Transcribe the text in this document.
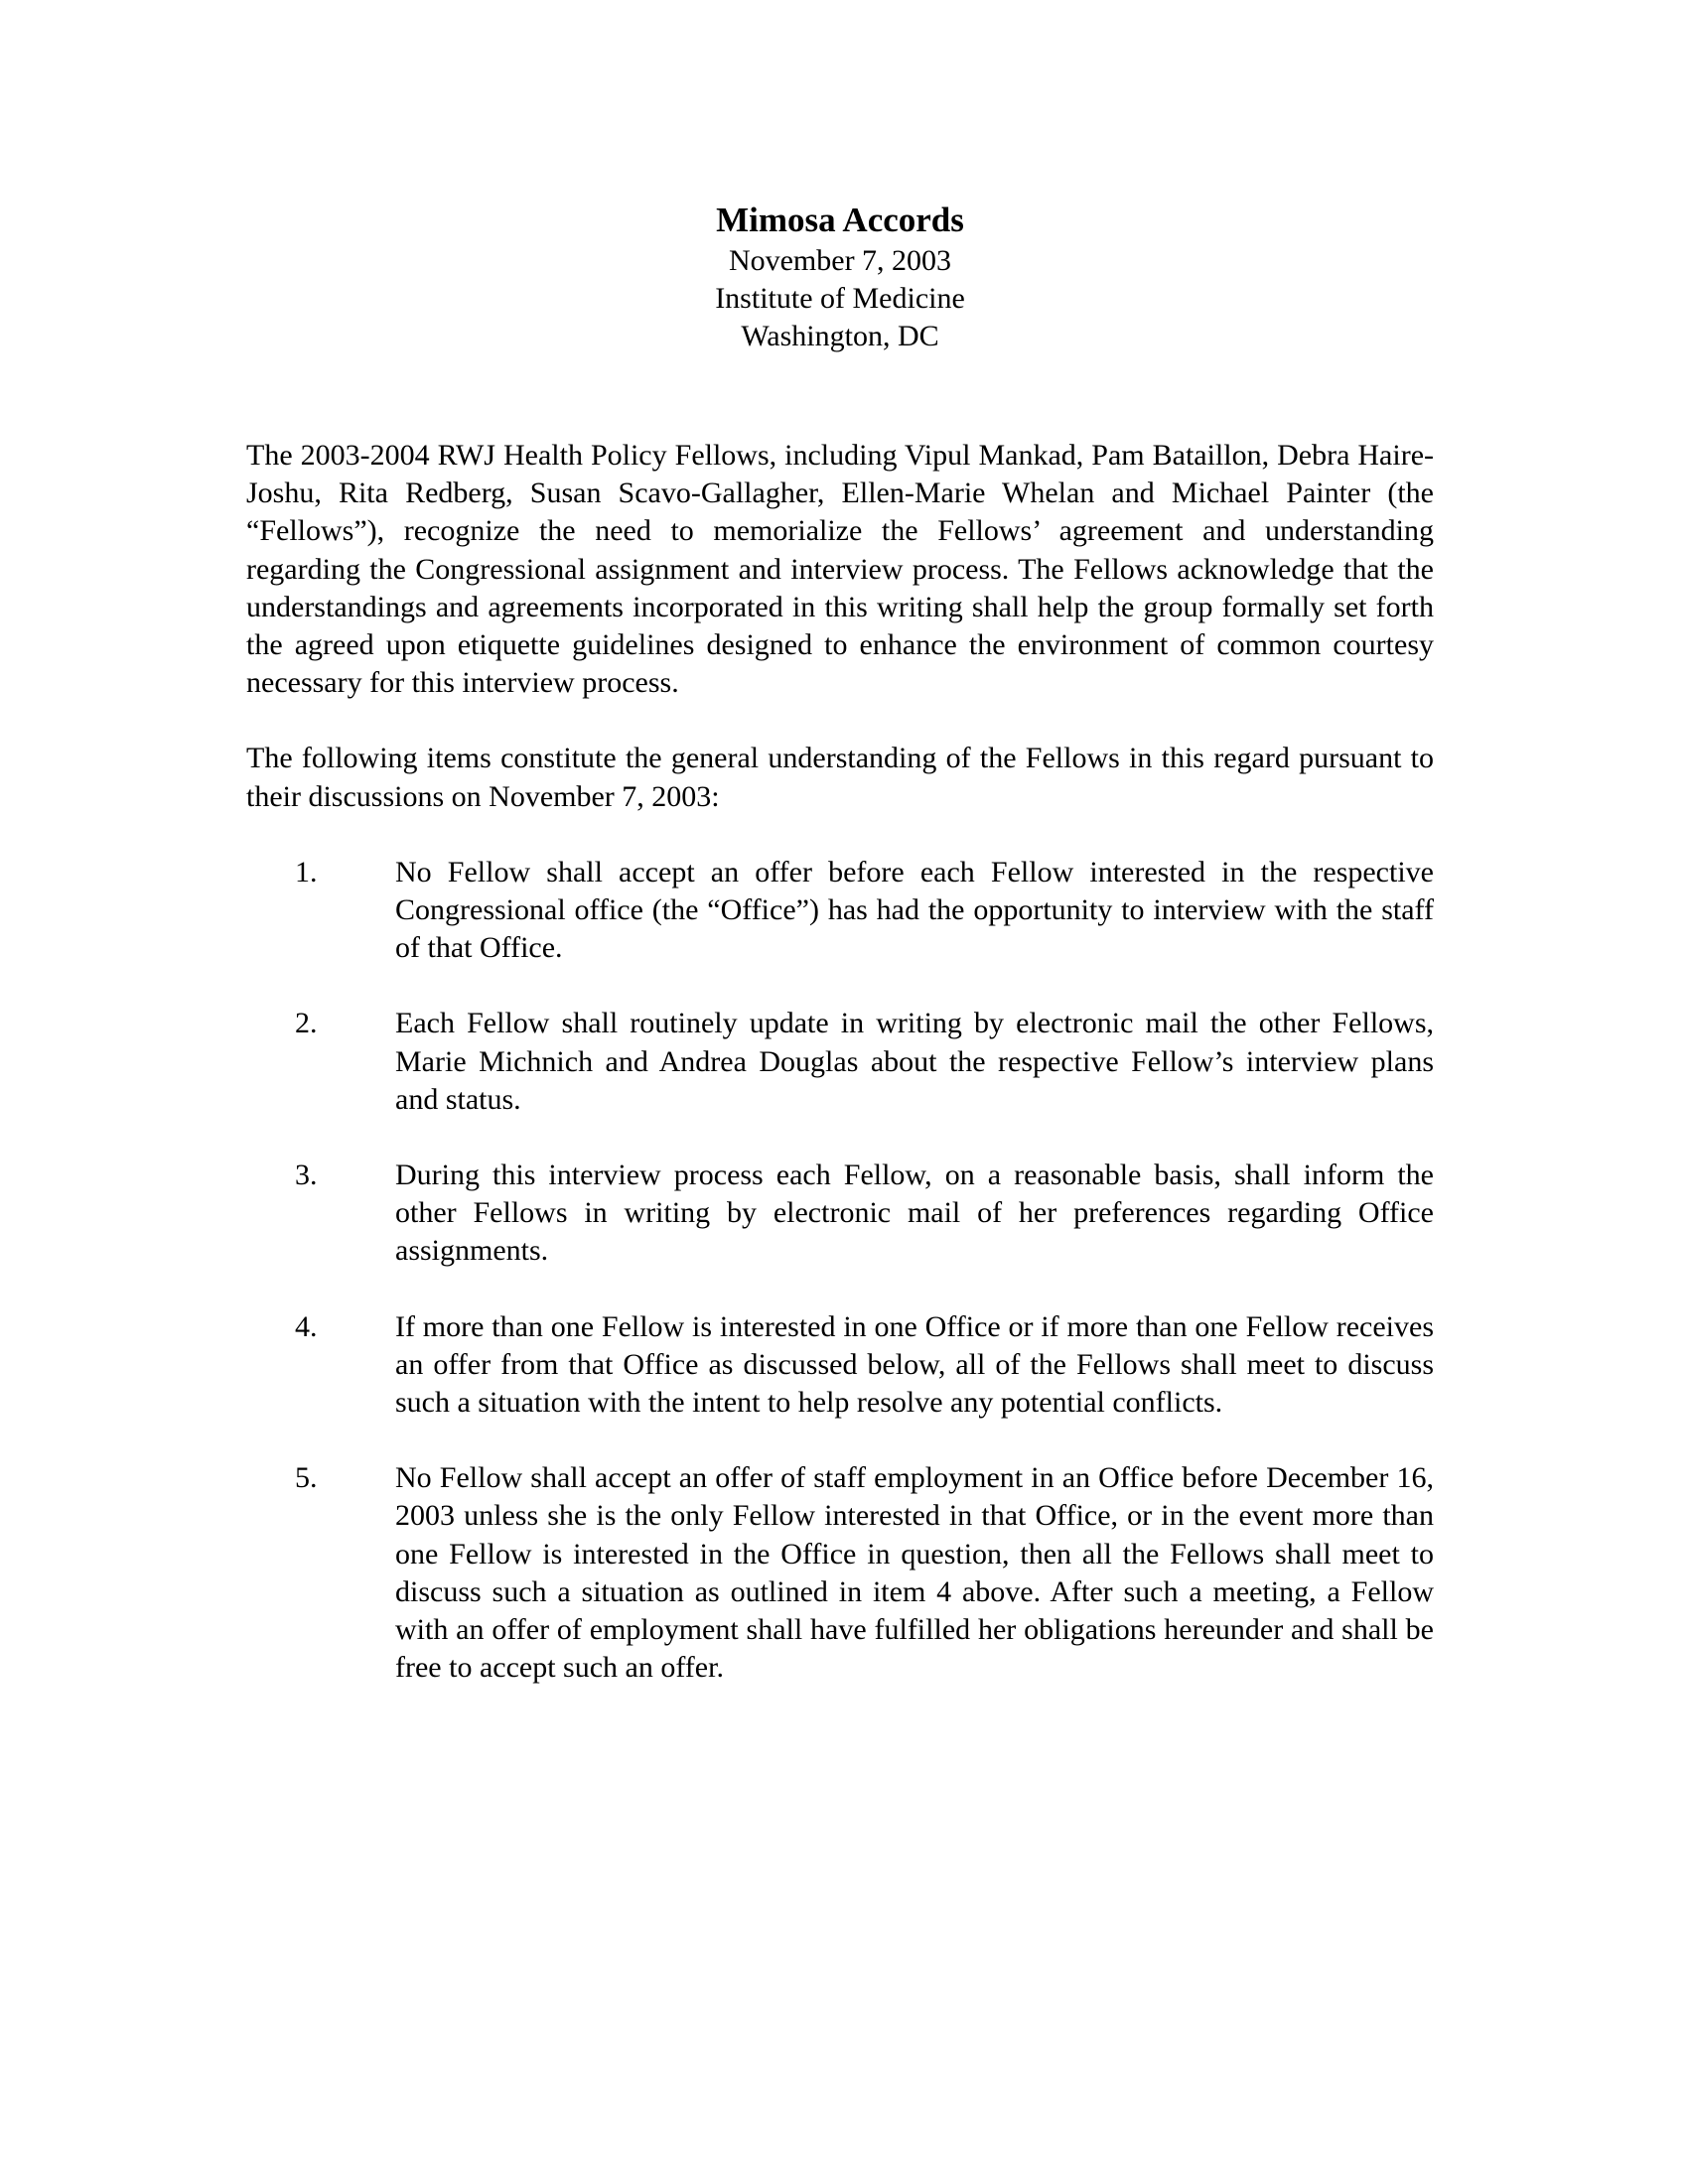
Mimosa Accords

November 7, 2003

Institute of Medicine

Washington, DC

The 2003-2004 RWJ Health Policy Fellows, including Vipul Mankad, Pam Bataillon, Debra Haire-Joshu, Rita Redberg, Susan Scavo-Gallagher, Ellen-Marie Whelan and Michael Painter (the “Fellows”), recognize the need to memorialize the Fellows’ agreement and understanding regarding the Congressional assignment and interview process. The Fellows acknowledge that the understandings and agreements incorporated in this writing shall help the group formally set forth the agreed upon etiquette guidelines designed to enhance the environment of common courtesy necessary for this interview process.

The following items constitute the general understanding of the Fellows in this regard pursuant to their discussions on November 7, 2003:

1.	No Fellow shall accept an offer before each Fellow interested in the respective Congressional office (the “Office”) has had the opportunity to interview with the staff of that Office.
2.	Each Fellow shall routinely update in writing by electronic mail the other Fellows, Marie Michnich and Andrea Douglas about the respective Fellow’s interview plans and status.
3.	During this interview process each Fellow, on a reasonable basis, shall inform the other Fellows in writing by electronic mail of her preferences regarding Office assignments.
4.	If more than one Fellow is interested in one Office or if more than one Fellow receives an offer from that Office as discussed below, all of the Fellows shall meet to discuss such a situation with the intent to help resolve any potential conflicts.
5.	No Fellow shall accept an offer of staff employment in an Office before December 16, 2003 unless she is the only Fellow interested in that Office, or in the event more than one Fellow is interested in the Office in question, then all the Fellows shall meet to discuss such a situation as outlined in item 4 above. After such a meeting, a Fellow with an offer of employment shall have fulfilled her obligations hereunder and shall be free to accept such an offer.
